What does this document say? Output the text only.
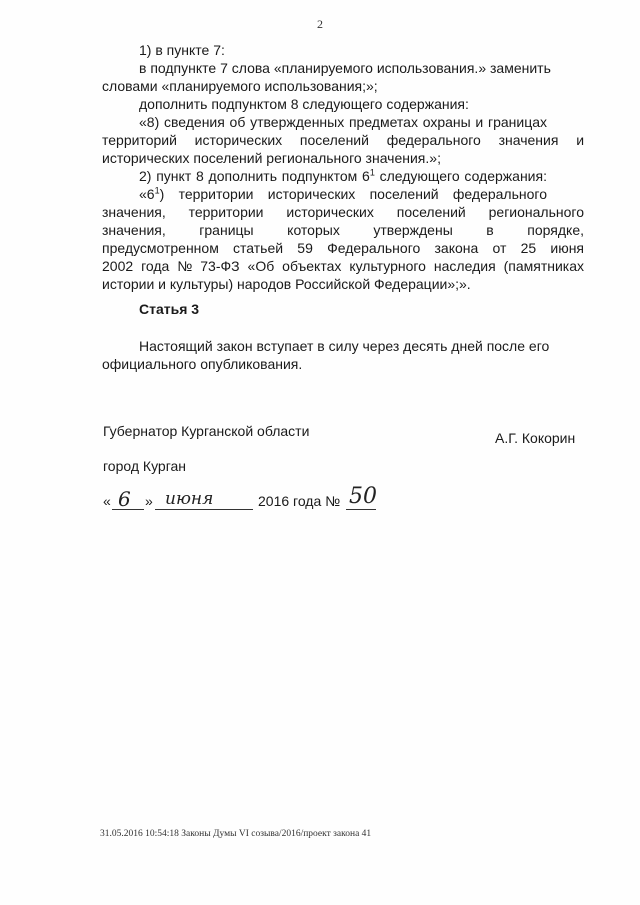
2
1) в пункте 7:
в подпункте 7 слова «планируемого использования.» заменить
словами «планируемого использования;»;
дополнить подпунктом 8 следующего содержания:
«8) сведения об утвержденных предметах охраны и границах
территорий исторических поселений федерального значения и
исторических поселений регионального значения.»;
2) пункт 8 дополнить подпунктом $6^1$ следующего содержания:
«$6^1$) территории исторических поселений федерального
значения, территории исторических поселений регионального
значения, границы которых утверждены в порядке,
предусмотренном статьей 59 Федерального закона от 25 июня
2002 года № 73-ФЗ «Об объектах культурного наследия (памятниках
истории и культуры) народов Российской Федерации»;».
Статья 3
Настоящий закон вступает в силу через десять дней после его
официального опубликования.
Губернатор Курганской области	А.Г. Кокорин
город Курган
« 6 » июня	2016 года № 50
31.05.2016 10:54:18 Законы Думы VI созыва/2016/проект закона 41
